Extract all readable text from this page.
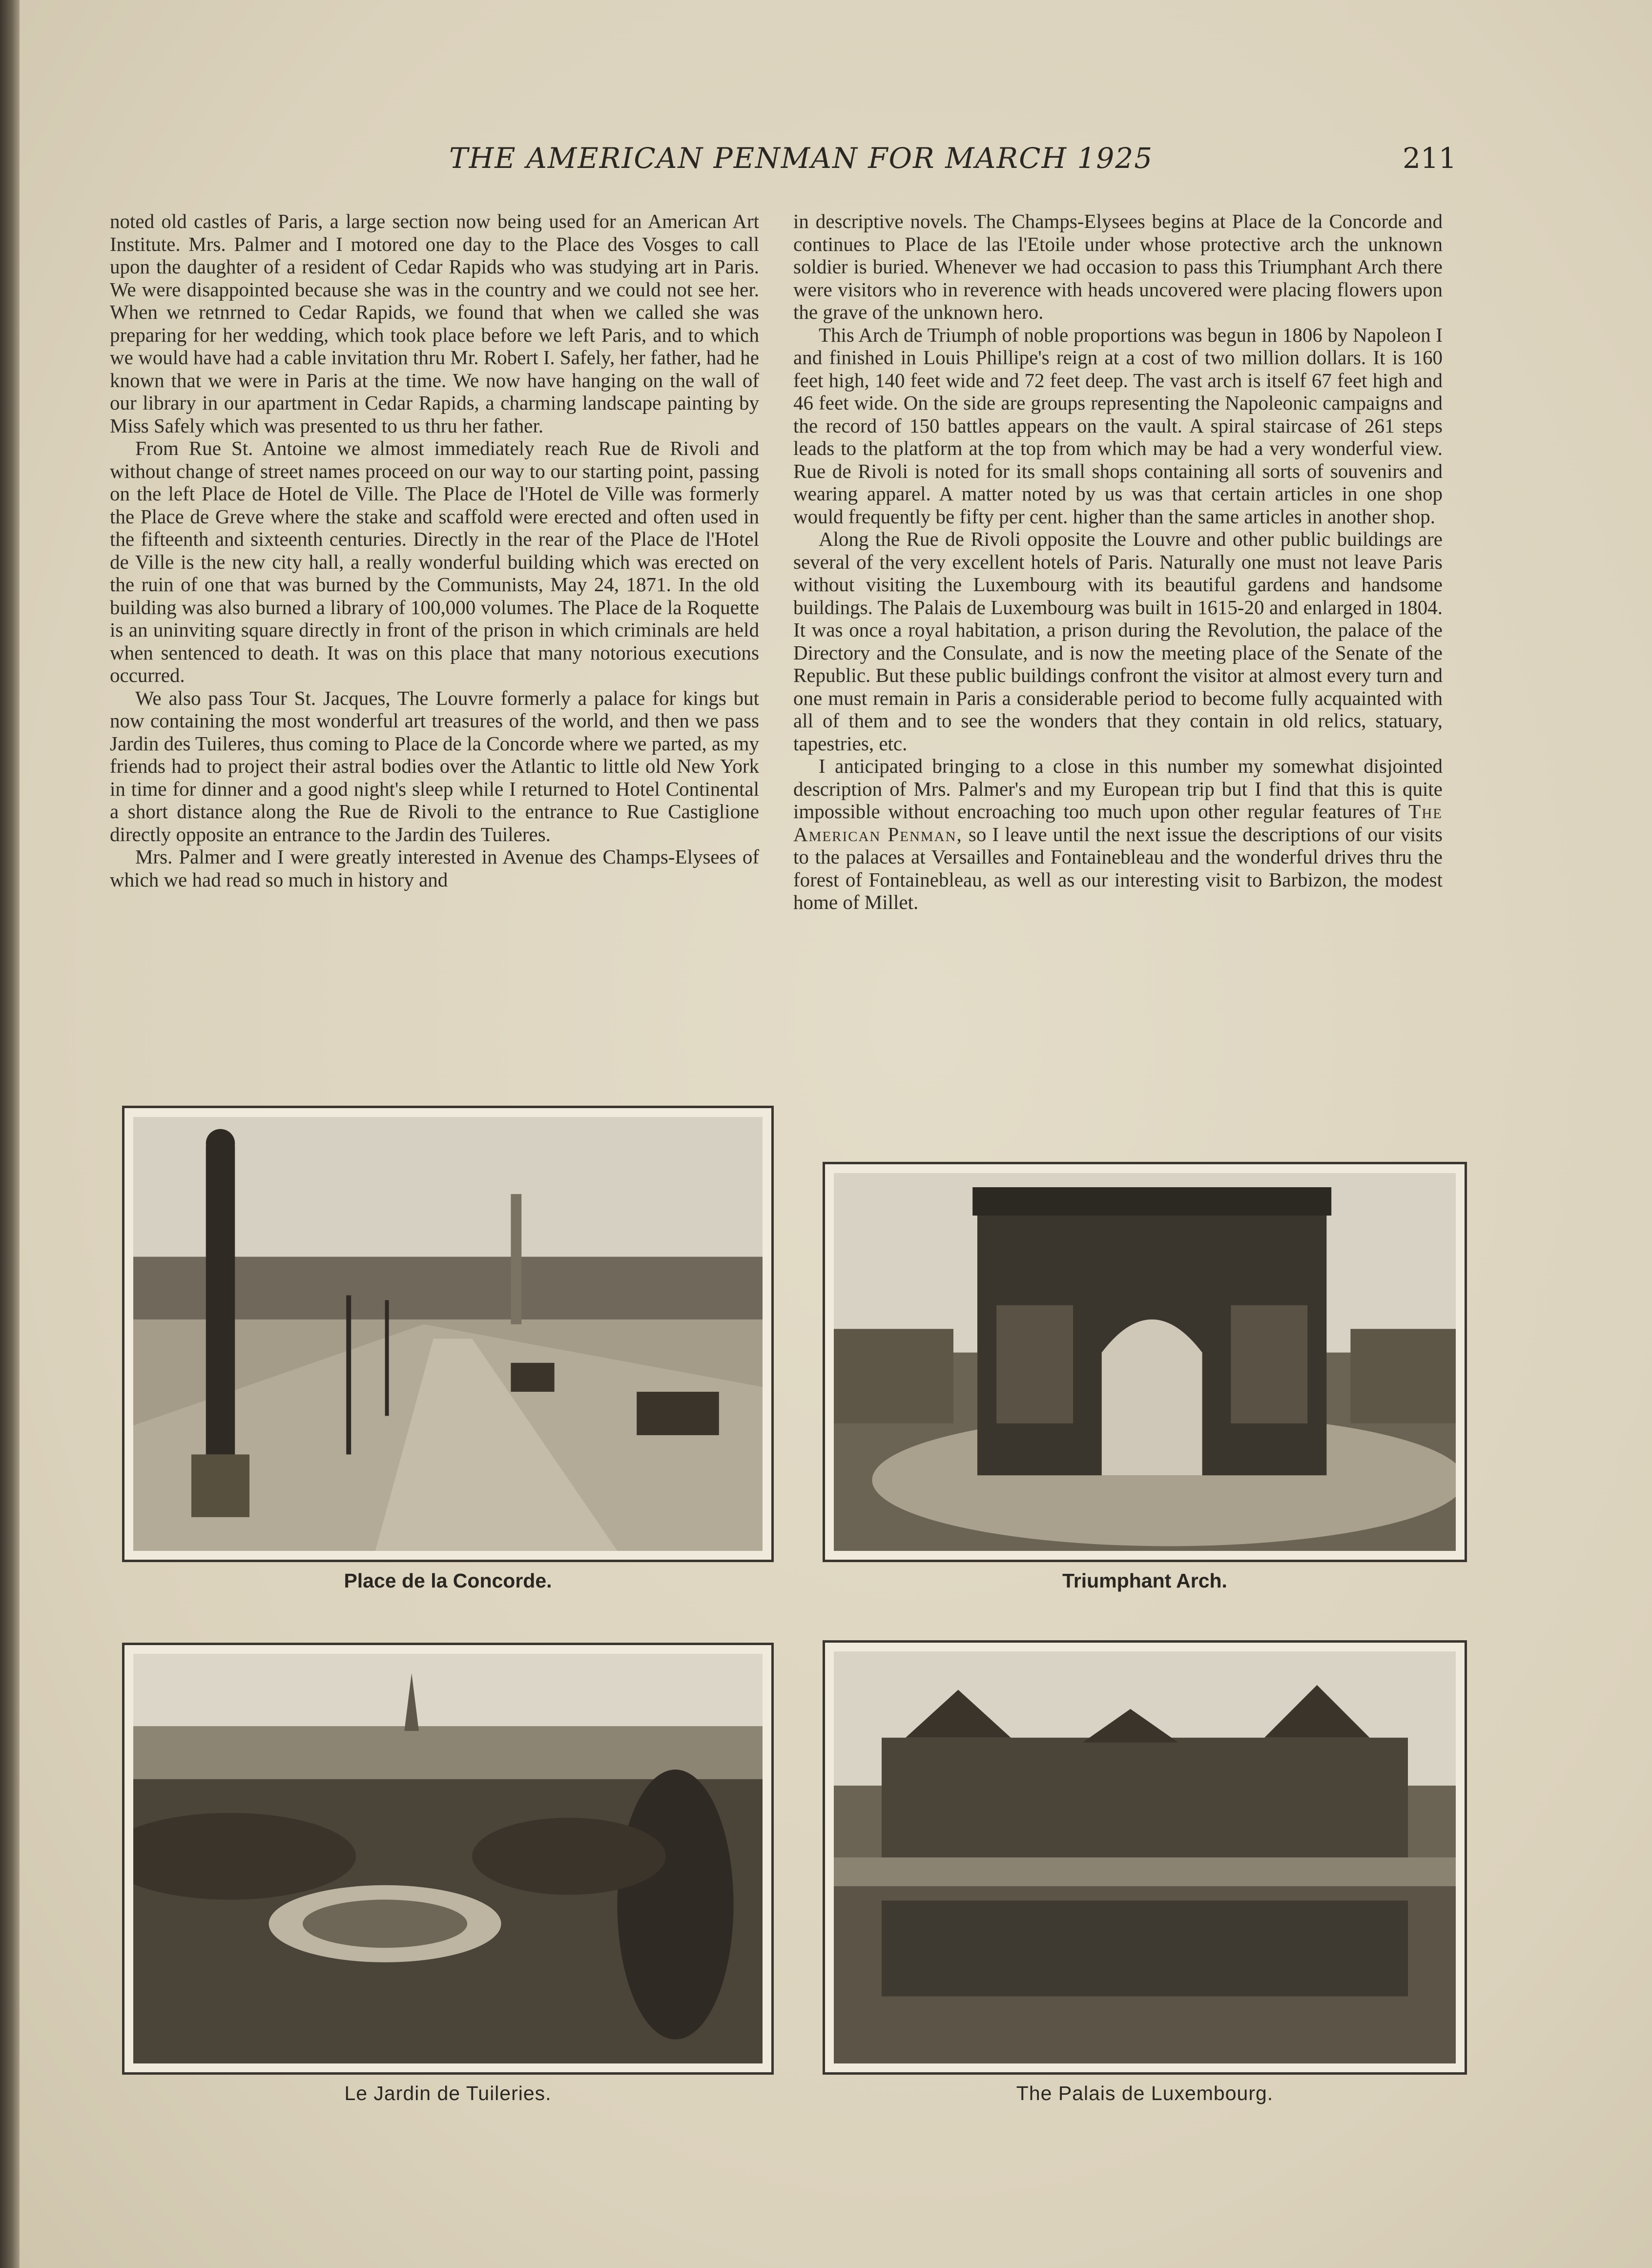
THE AMERICAN PENMAN FOR MARCH 1925	211

noted old castles of Paris, a large section now being used for an American Art Institute. Mrs. Palmer and I motored one day to the Place des Vosges to call upon the daughter of a resident of Cedar Rapids who was studying art in Paris. We were disappointed because she was in the country and we could not see her. When we retnrned to Cedar Rapids, we found that when we called she was preparing for her wedding, which took place before we left Paris, and to which we would have had a cable invitation thru Mr. Robert I. Safely, her father, had he known that we were in Paris at the time. We now have hanging on the wall of our library in our apartment in Cedar Rapids, a charming landscape painting by Miss Safely which was presented to us thru her father.

From Rue St. Antoine we almost immediately reach Rue de Rivoli and without change of street names proceed on our way to our starting point, passing on the left Place de Hotel de Ville. The Place de l'Hotel de Ville was formerly the Place de Greve where the stake and scaffold were erected and often used in the fifteenth and sixteenth centuries. Directly in the rear of the Place de l'Hotel de Ville is the new city hall, a really wonderful building which was erected on the ruin of one that was burned by the Communists, May 24, 1871. In the old building was also burned a library of 100,000 volumes. The Place de la Roquette is an uninviting square directly in front of the prison in which criminals are held when sentenced to death. It was on this place that many notorious executions occurred.

We also pass Tour St. Jacques, The Louvre formerly a palace for kings but now containing the most wonderful art treasures of the world, and then we pass Jardin des Tuileres, thus coming to Place de la Concorde where we parted, as my friends had to project their astral bodies over the Atlantic to little old New York in time for dinner and a good night's sleep while I returned to Hotel Continental a short distance along the Rue de Rivoli to the entrance to Rue Castiglione directly opposite an entrance to the Jardin des Tuileres.

Mrs. Palmer and I were greatly interested in Avenue des Champs-Elysees of which we had read so much in history and

in descriptive novels. The Champs-Elysees begins at Place de la Concorde and continues to Place de las l'Etoile under whose protective arch the unknown soldier is buried. Whenever we had occasion to pass this Triumphant Arch there were visitors who in reverence with heads uncovered were placing flowers upon the grave of the unknown hero.

This Arch de Triumph of noble proportions was begun in 1806 by Napoleon I and finished in Louis Phillipe's reign at a cost of two million dollars. It is 160 feet high, 140 feet wide and 72 feet deep. The vast arch is itself 67 feet high and 46 feet wide. On the side are groups representing the Napoleonic campaigns and the record of 150 battles appears on the vault. A spiral staircase of 261 steps leads to the platform at the top from which may be had a very wonderful view. Rue de Rivoli is noted for its small shops containing all sorts of souvenirs and wearing apparel. A matter noted by us was that certain articles in one shop would frequently be fifty per cent. higher than the same articles in another shop.

Along the Rue de Rivoli opposite the Louvre and other public buildings are several of the very excellent hotels of Paris. Naturally one must not leave Paris without visiting the Luxembourg with its beautiful gardens and handsome buildings. The Palais de Luxembourg was built in 1615-20 and enlarged in 1804. It was once a royal habitation, a prison during the Revolution, the palace of the Directory and the Consulate, and is now the meeting place of the Senate of the Republic. But these public buildings confront the visitor at almost every turn and one must remain in Paris a considerable period to become fully acquainted with all of them and to see the wonders that they contain in old relics, statuary, tapestries, etc.

I anticipated bringing to a close in this number my somewhat disjointed description of Mrs. Palmer's and my European trip but I find that this is quite impossible without encroaching too much upon other regular features of The American Penman, so I leave until the next issue the descriptions of our visits to the palaces at Versailles and Fontainebleau and the wonderful drives thru the forest of Fontainebleau, as well as our interesting visit to Barbizon, the modest home of Millet.

Place de la Concorde.	Triumphant Arch.
Le Jardin de Tuileries.	The Palais de Luxembourg.
